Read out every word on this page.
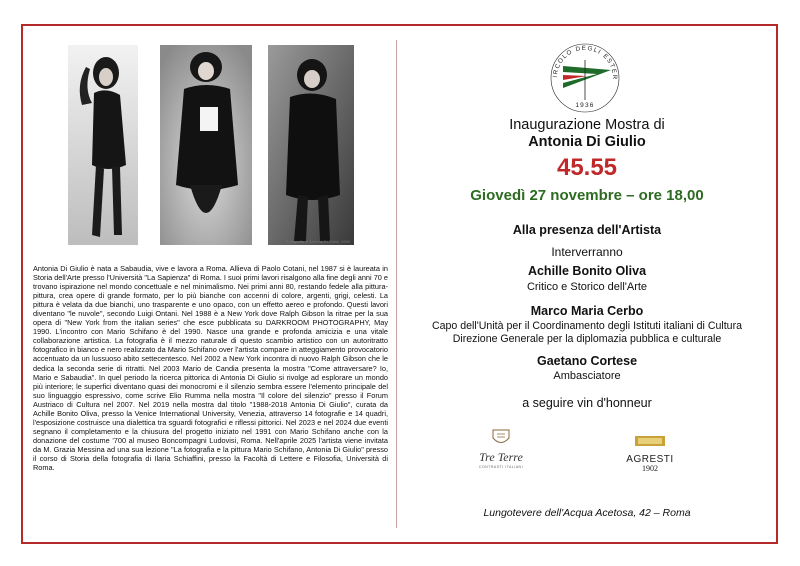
Fotografia di Antonia Di Giulio, 1990

Antonia Di Giulio è nata a Sabaudia, vive e lavora a Roma. Allieva di Paolo Cotani, nel 1987 si è laureata in Storia dell'Arte presso l'Università "La Sapienza" di Roma. I suoi primi lavori risalgono alla fine degli anni 70 e trovano ispirazione nel mondo concettuale e nel minimalismo. Nei primi anni 80, restando fedele alla pittura-pittura, crea opere di grande formato, per lo più bianche con accenni di colore, argenti, grigi, celesti. La pittura è velata da due bianchi, uno trasparente e uno opaco, con un effetto aereo e profondo. Questi lavori diventano "le nuvole", secondo Luigi Ontani. Nel 1988 è a New York dove Ralph Gibson la ritrae per la sua opera di "New York from the italian series" che esce pubblicata su DARKROOM PHOTOGRAPHY, May 1990. L'incontro con Mario Schifano è del 1990. Nasce una grande e profonda amicizia e una vitale collaborazione artistica. La fotografia è il mezzo naturale di questo scambio artistico con un autoritratto fotografico in bianco e nero realizzato da Mario Schifano over l'artista compare in atteggiamento provocatorio accentuato da un lussuoso abito settecentesco. Nel 2002 a New York incontra di nuovo Ralph Gibson che le dedica la seconda serie di ritratti. Nel 2003 Mario de Candia presenta la mostra "Come attraversare? Io, Mario e Sabaudia". In quel periodo la ricerca pittorica di Antonia Di Giulio si rivolge ad esplorare un mondo più interiore; le superfici diventano quasi dei monocromi e il silenzio sembra essere l'elemento principale del suo linguaggio espressivo, come scrive Elio Rumma nella mostra "Il colore del silenzio" presso il Forum Austriaco di Cultura nel 2007. Nel 2019 nella mostra dal titolo "1988-2018 Antonia Di Giulio", curata da Achille Bonito Oliva, presso la Venice International University, Venezia, attraverso 14 fotografie e 14 quadri, l'esposizione costruisce una dialettica tra sguardi fotografici e riflessi pittorici. Nel 2023 e nel 2024 due eventi segnano il completamento e la chiusura del progetto iniziato nel 1991 con Mario Schifano anche con la donazione del costume '700 al museo Boncompagni Ludovisi, Roma. Nell'aprile 2025 l'artista viene invitata da M. Grazia Messina ad una sua lezione "La fotografia e la pittura Mario Schifano, Antonia Di Giulio" presso il corso di Storia della fotografia di Ilaria Schiaffini, presso la Facoltà di Lettere e Filosofia, Università di Roma.

IRCOLO DEGLI ESTER
1936
Inaugurazione Mostra di
Antonia Di Giulio
45.55
Giovedì 27 novembre – ore 18,00
Alla presenza dell'Artista
Interverranno
Achille Bonito Oliva
Critico e Storico dell'Arte
Marco Maria Cerbo
Capo dell'Unità per il Coordinamento degli Istituti italiani di Cultura
Direzione Generale per la diplomazia pubblica e culturale
Gaetano Cortese
Ambasciatore
a seguire vin d'honneur
Tre Terre
CONTRASTI ITALIANI
AGRESTI
1902
Lungotevere dell'Acqua Acetosa, 42 – Roma
